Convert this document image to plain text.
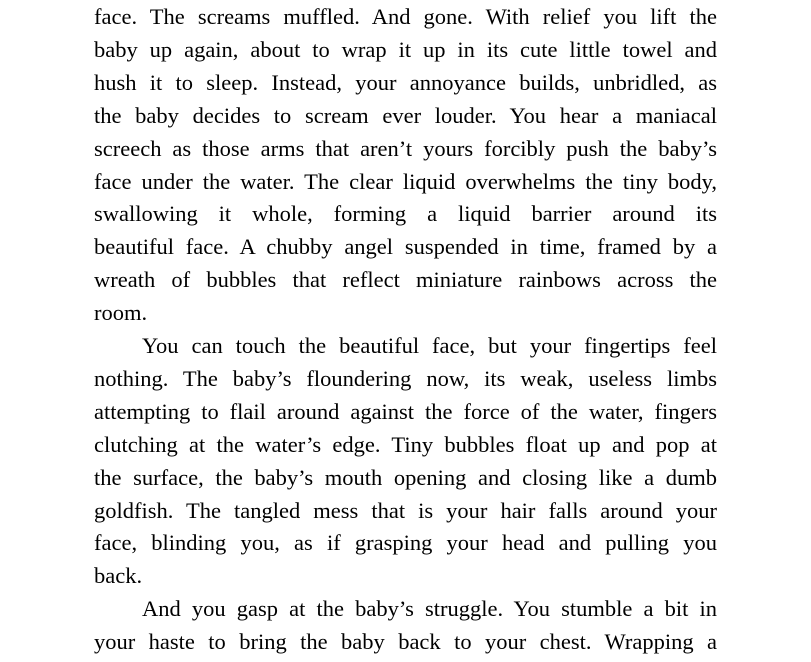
face. The screams muffled. And gone. With relief you lift the
baby up again, about to wrap it up in its cute little towel and
hush it to sleep. Instead, your annoyance builds, unbridled, as
the baby decides to scream ever louder. You hear a maniacal
screech as those arms that aren’t yours forcibly push the baby’s
face under the water. The clear liquid overwhelms the tiny body,
swallowing it whole, forming a liquid barrier around its
beautiful face. A chubby angel suspended in time, framed by a
wreath of bubbles that reflect miniature rainbows across the
room.
You can touch the beautiful face, but your fingertips feel
nothing. The baby’s floundering now, its weak, useless limbs
attempting to flail around against the force of the water, fingers
clutching at the water’s edge. Tiny bubbles float up and pop at
the surface, the baby’s mouth opening and closing like a dumb
goldfish. The tangled mess that is your hair falls around your
face, blinding you, as if grasping your head and pulling you
back.
And you gasp at the baby’s struggle. You stumble a bit in
your haste to bring the baby back to your chest. Wrapping a
